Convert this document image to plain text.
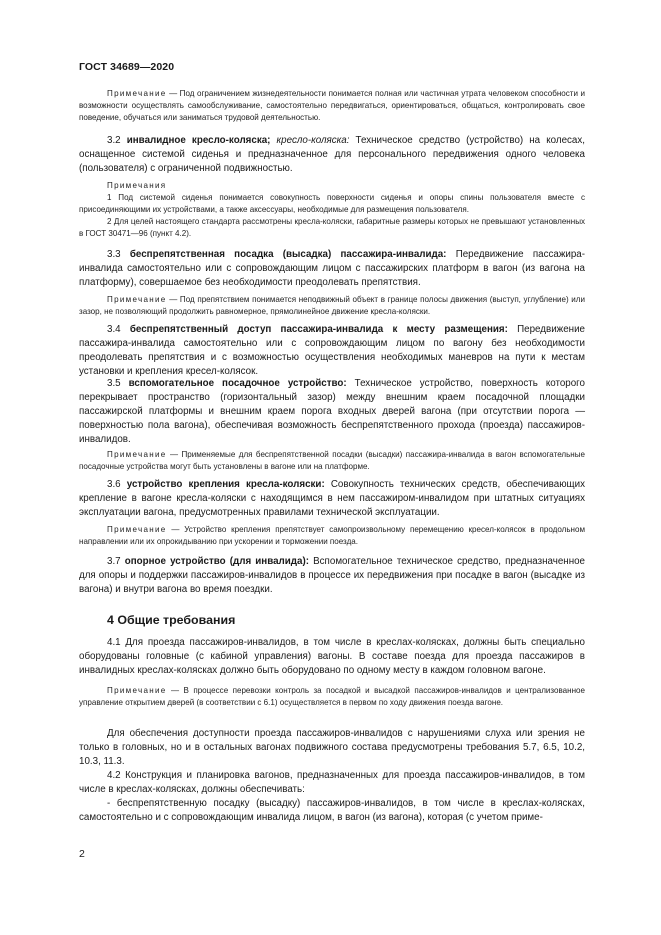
ГОСТ 34689—2020

Примечание — Под ограничением жизнедеятельности понимается полная или частичная утрата человеком способности и возможности осуществлять самообслуживание, самостоятельно передвигаться, ориентироваться, общаться, контролировать свое поведение, обучаться или заниматься трудовой деятельностью.

3.2 инвалидное кресло-коляска; кресло-коляска: Техническое средство (устройство) на колесах, оснащенное системой сиденья и предназначенное для персонального передвижения одного человека (пользователя) с ограниченной подвижностью.

Примечания

1 Под системой сиденья понимается совокупность поверхности сиденья и опоры спины пользователя вместе с присоединяющими их устройствами, а также аксессуары, необходимые для размещения пользователя.

2 Для целей настоящего стандарта рассмотрены кресла-коляски, габаритные размеры которых не превышают установленных в ГОСТ 30471—96 (пункт 4.2).

3.3 беспрепятственная посадка (высадка) пассажира-инвалида: Передвижение пассажира-инвалида самостоятельно или с сопровождающим лицом с пассажирских платформ в вагон (из вагона на платформу), совершаемое без необходимости преодолевать препятствия.

Примечание — Под препятствием понимается неподвижный объект в границе полосы движения (выступ, углубление) или зазор, не позволяющий продолжить равномерное, прямолинейное движение кресла-коляски.

3.4 беспрепятственный доступ пассажира-инвалида к месту размещения: Передвижение пассажира-инвалида самостоятельно или с сопровождающим лицом по вагону без необходимости преодолевать препятствия и с возможностью осуществления необходимых маневров на пути к местам установки и крепления кресел-колясок.

3.5 вспомогательное посадочное устройство: Техническое устройство, поверхность которого перекрывает пространство (горизонтальный зазор) между внешним краем посадочной площадки пассажирской платформы и внешним краем порога входных дверей вагона (при отсутствии порога — поверхностью пола вагона), обеспечивая возможность беспрепятственного прохода (проезда) пассажиров-инвалидов.

Примечание — Применяемые для беспрепятственной посадки (высадки) пассажира-инвалида в вагон вспомогательные посадочные устройства могут быть установлены в вагоне или на платформе.

3.6 устройство крепления кресла-коляски: Совокупность технических средств, обеспечивающих крепление в вагоне кресла-коляски с находящимся в нем пассажиром-инвалидом при штатных ситуациях эксплуатации вагона, предусмотренных правилами технической эксплуатации.

Примечание — Устройство крепления препятствует самопроизвольному перемещению кресел-колясок в продольном направлении или их опрокидыванию при ускорении и торможении поезда.

3.7 опорное устройство (для инвалида): Вспомогательное техническое средство, предназначенное для опоры и поддержки пассажиров-инвалидов в процессе их передвижения при посадке в вагон (высадке из вагона) и внутри вагона во время поездки.

4 Общие требования

4.1 Для проезда пассажиров-инвалидов, в том числе в креслах-колясках, должны быть специально оборудованы головные (с кабиной управления) вагоны. В составе поезда для проезда пассажиров в инвалидных креслах-колясках должно быть оборудовано по одному месту в каждом головном вагоне.

Примечание — В процессе перевозки контроль за посадкой и высадкой пассажиров-инвалидов и централизованное управление открытием дверей (в соответствии с 6.1) осуществляется в первом по ходу движения поезда вагоне.

Для обеспечения доступности проезда пассажиров-инвалидов с нарушениями слуха или зрения не только в головных, но и в остальных вагонах подвижного состава предусмотрены требования 5.7, 6.5, 10.2, 10.3, 11.3.

4.2 Конструкция и планировка вагонов, предназначенных для проезда пассажиров-инвалидов, в том числе в креслах-колясках, должны обеспечивать:

- беспрепятственную посадку (высадку) пассажиров-инвалидов, в том числе в креслах-колясках, самостоятельно и с сопровождающим инвалида лицом, в вагон (из вагона), которая (с учетом приме-

2
